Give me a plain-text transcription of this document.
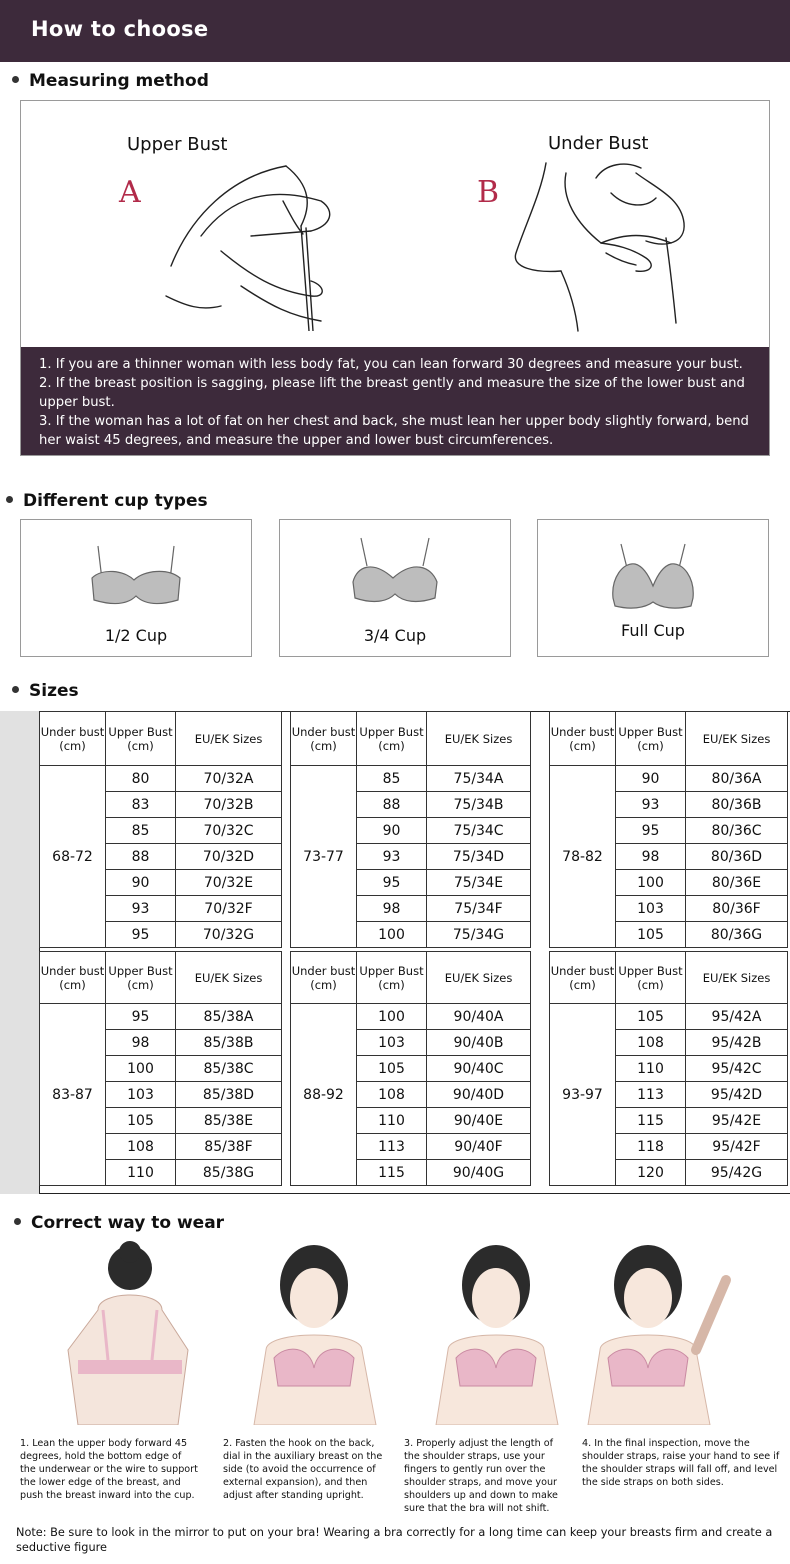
How to choose
Measuring method
Upper Bust
A
Under Bust
B

1. If you are a thinner woman with less body fat, you can lean forward 30 degrees and measure your bust.

2. If the breast position is sagging, please lift the breast gently and measure the size of the lower bust and upper bust.

3. If the woman has a lot of fat on her chest and back, she must lean her upper body slightly forward, bend her waist 45 degrees, and measure the upper and lower bust circumferences.

Different cup types
1/2 Cup	3/4 Cup	Full Cup
Sizes
Under bust (cm)	Upper Bust (cm)	EU/EK Sizes
68-72	80	70/32A
	83	70/32B
	85	70/32C
	88	70/32D
	90	70/32E
	93	70/32F
	95	70/32G
Under bust (cm)	Upper Bust (cm)	EU/EK Sizes
73-77	85	75/34A
	88	75/34B
	90	75/34C
	93	75/34D
	95	75/34E
	98	75/34F
	100	75/34G
Under bust (cm)	Upper Bust (cm)	EU/EK Sizes
78-82	90	80/36A
	93	80/36B
	95	80/36C
	98	80/36D
	100	80/36E
	103	80/36F
	105	80/36G
Under bust (cm)	Upper Bust (cm)	EU/EK Sizes
83-87	95	85/38A
	98	85/38B
	100	85/38C
	103	85/38D
	105	85/38E
	108	85/38F
	110	85/38G
Under bust (cm)	Upper Bust (cm)	EU/EK Sizes
88-92	100	90/40A
	103	90/40B
	105	90/40C
	108	90/40D
	110	90/40E
	113	90/40F
	115	90/40G
Under bust (cm)	Upper Bust (cm)	EU/EK Sizes
93-97	105	95/42A
	108	95/42B
	110	95/42C
	113	95/42D
	115	95/42E
	118	95/42F
	120	95/42G
Correct way to wear
1. Lean the upper body forward 45 degrees, hold the bottom edge of the underwear or the wire to support the lower edge of the breast, and push the breast inward into the cup.
2. Fasten the hook on the back, dial in the auxiliary breast on the side (to avoid the occurrence of external expansion), and then adjust after standing upright.
3. Properly adjust the length of the shoulder straps, use your fingers to gently run over the shoulder straps, and move your shoulders up and down to make sure that the bra will not shift.
4. In the final inspection, move the shoulder straps, raise your hand to see if the shoulder straps will fall off, and level the side straps on both sides.
Note: Be sure to look in the mirror to put on your bra! Wearing a bra correctly for a long time can keep your breasts firm and create a seductive figure
